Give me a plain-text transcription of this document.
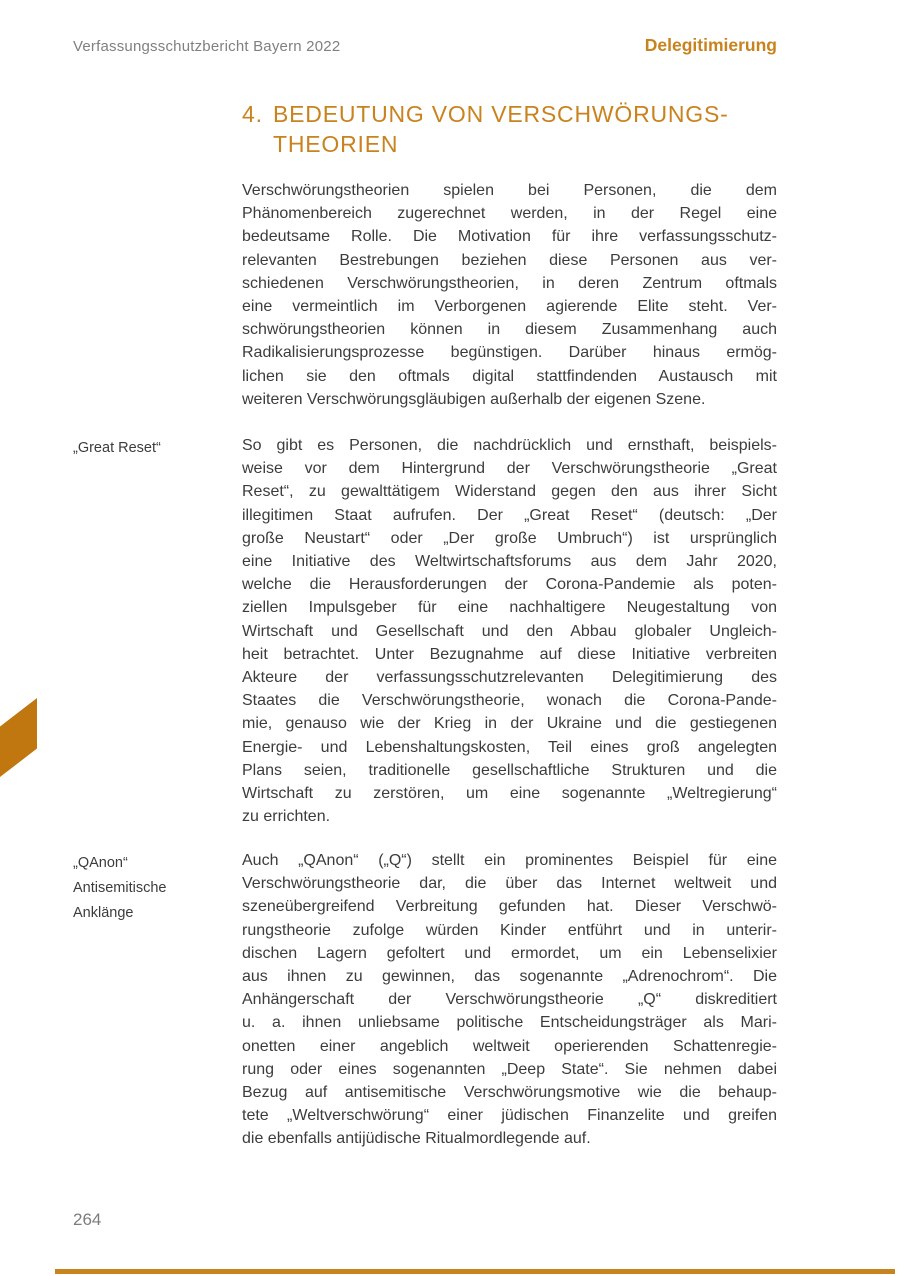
Verfassungsschutzbericht Bayern 2022	Delegitimierung
4. BEDEUTUNG VON VERSCHWÖRUNGS-
THEORIEN
Verschwörungstheorien spielen bei Personen, die dem
Phänomenbereich zugerechnet werden, in der Regel eine
bedeutsame Rolle. Die Motivation für ihre verfassungsschutz-
relevanten Bestrebungen beziehen diese Personen aus ver-
schiedenen Verschwörungstheorien, in deren Zentrum oftmals
eine vermeintlich im Verborgenen agierende Elite steht. Ver-
schwörungstheorien können in diesem Zusammenhang auch
Radikalisierungsprozesse begünstigen. Darüber hinaus ermög-
lichen sie den oftmals digital stattfindenden Austausch mit
weiteren Verschwörungsgläubigen außerhalb der eigenen Szene.
„Great Reset“	So gibt es Personen, die nachdrücklich und ernsthaft, beispiels-
weise vor dem Hintergrund der Verschwörungstheorie „Great
Reset“, zu gewalttätigem Widerstand gegen den aus ihrer Sicht
illegitimen Staat aufrufen. Der „Great Reset“ (deutsch: „Der
große Neustart“ oder „Der große Umbruch“) ist ursprünglich
eine Initiative des Weltwirtschaftsforums aus dem Jahr 2020,
welche die Herausforderungen der Corona-Pandemie als poten-
ziellen Impulsgeber für eine nachhaltigere Neugestaltung von
Wirtschaft und Gesellschaft und den Abbau globaler Ungleich-
heit betrachtet. Unter Bezugnahme auf diese Initiative verbreiten
Akteure der verfassungsschutzrelevanten Delegitimierung des
Staates die Verschwörungstheorie, wonach die Corona-Pande-
mie, genauso wie der Krieg in der Ukraine und die gestiegenen
Energie- und Lebenshaltungskosten, Teil eines groß angelegten
Plans seien, traditionelle gesellschaftliche Strukturen und die
Wirtschaft zu zerstören, um eine sogenannte „Weltregierung“
zu errichten.
„QAnon“
Antisemitische
Anklänge
Auch „QAnon“ („Q“) stellt ein prominentes Beispiel für eine
Verschwörungstheorie dar, die über das Internet weltweit und
szeneübergreifend Verbreitung gefunden hat. Dieser Verschwö-
rungstheorie zufolge würden Kinder entführt und in unterir-
dischen Lagern gefoltert und ermordet, um ein Lebenselixier
aus ihnen zu gewinnen, das sogenannte „Adrenochrom“. Die
Anhängerschaft der Verschwörungstheorie „Q“ diskreditiert
u. a. ihnen unliebsame politische Entscheidungsträger als Mari-
onetten einer angeblich weltweit operierenden Schattenregie-
rung oder eines sogenannten „Deep State“. Sie nehmen dabei
Bezug auf antisemitische Verschwörungsmotive wie die behaup-
tete „Weltverschwörung“ einer jüdischen Finanzelite und greifen
die ebenfalls antijüdische Ritualmordlegende auf.
264
